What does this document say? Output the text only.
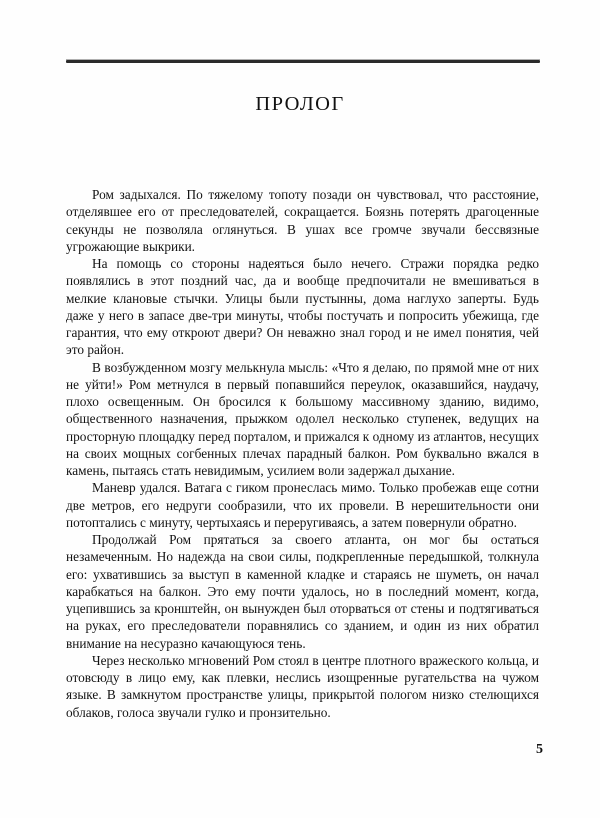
ПРОЛОГ

Ром задыхался. По тяжелому топоту позади он чувствовал, что расстояние, отделявшее его от преследователей, сокращается. Боязнь потерять драгоценные секунды не позволяла оглянуться. В ушах все громче звучали бессвязные угрожающие выкрики.

На помощь со стороны надеяться было нечего. Стражи порядка редко появлялись в этот поздний час, да и вообще предпочитали не вмешиваться в мелкие клановые стычки. Улицы были пустынны, дома наглухо заперты. Будь даже у него в запасе две-три минуты, чтобы постучать и попросить убежища, где гарантия, что ему откроют двери? Он неважно знал город и не имел понятия, чей это район.

В возбужденном мозгу мелькнула мысль: «Что я делаю, по прямой мне от них не уйти!» Ром метнулся в первый попавшийся переулок, оказавшийся, наудачу, плохо освещенным. Он бросился к большому массивному зданию, видимо, общественного назначения, прыжком одолел несколько ступенек, ведущих на просторную площадку перед порталом, и прижался к одному из атлантов, несущих на своих мощных согбенных плечах парадный балкон. Ром буквально вжался в камень, пытаясь стать невидимым, усилием воли задержал дыхание.

Маневр удался. Ватага с гиком пронеслась мимо. Только пробежав еще сотни две метров, его недруги сообразили, что их провели. В нерешительности они потоптались с минуту, чертыхаясь и переругиваясь, а затем повернули обратно.

Продолжай Ром прятаться за своего атланта, он мог бы остаться незамеченным. Но надежда на свои силы, подкрепленные передышкой, толкнула его: ухватившись за выступ в каменной кладке и стараясь не шуметь, он начал карабкаться на балкон. Это ему почти удалось, но в последний момент, когда, уцепившись за кронштейн, он вынужден был оторваться от стены и подтягиваться на руках, его преследователи поравнялись со зданием, и один из них обратил внимание на несуразно качающуюся тень.

Через несколько мгновений Ром стоял в центре плотного вражеского кольца, и отовсюду в лицо ему, как плевки, неслись изощренные ругательства на чужом языке. В замкнутом пространстве улицы, прикрытой пологом низко стелющихся облаков, голоса звучали гулко и пронзительно.

5
